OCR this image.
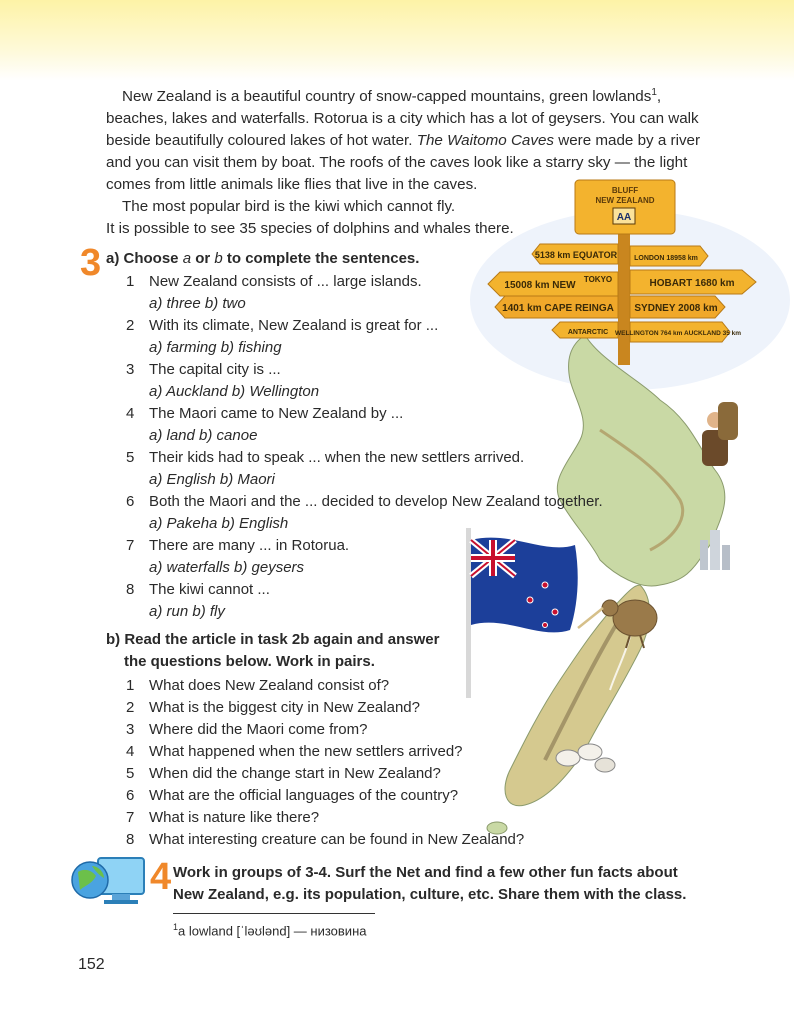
BLUFF
NEW ZEALAND
AA
5138 km EQUATOR
15008 km NEW
TOKYO
1401 km CAPE REINGA
ANTARCTIC
LONDON 18958 km
HOBART 1680 km
SYDNEY 2008 km
WELLINGTON 764 km AUCKLAND 35 km

New Zealand is a beautiful country of snow-capped mountains, green lowlands$^1$, beaches, lakes and waterfalls. Rotorua is a city which has a lot of geysers. You can walk beside beautifully coloured lakes of hot water. The Waitomo Caves were made by a river and you can visit them by boat. The roofs of the caves look like a starry sky — the light comes from little animals like flies that live in the caves.

The most popular bird is the kiwi which cannot fly.

It is possible to see 35 species of dolphins and whales there.

3 a) Choose a or b to complete the sentences.
1 New Zealand consists of ... large islands.
a) three b) two
2 With its climate, New Zealand is great for ...
a) farming b) fishing
3 The capital city is ...
a) Auckland b) Wellington
4 The Maori came to New Zealand by ...
a) land b) canoe
5 Their kids had to speak ... when the new settlers arrived.
a) English b) Maori
6 Both the Maori and the ... decided to develop New Zealand together.
a) Pakeha b) English
7 There are many ... in Rotorua.
a) waterfalls b) geysers
8 The kiwi cannot ...
a) run b) fly
b) Read the article in task 2b again and answer
the questions below. Work in pairs.
1 What does New Zealand consist of?
2 What is the biggest city in New Zealand?
3 Where did the Maori come from?
4 What happened when the new settlers arrived?
5 When did the change start in New Zealand?
6 What are the official languages of the country?
7 What is nature like there?
8 What interesting creature can be found in New Zealand?
4 Work in groups of 3-4. Surf the Net and find a few other fun facts about
New Zealand, e.g. its population, culture, etc. Share them with the class.
$^1$a lowland [ˈləʊlənd] — низовина
152
